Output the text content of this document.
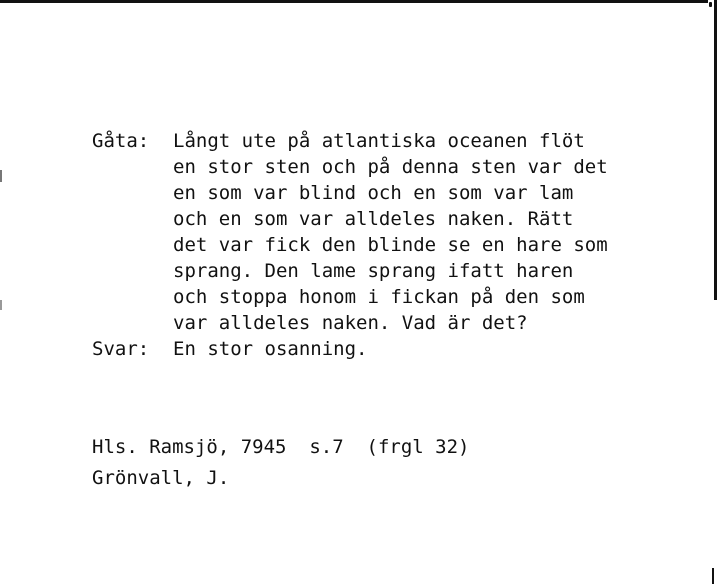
Gåta:	Långt ute på atlantiska oceanen flöt
en stor sten och på denna sten var det
en som var blind och en som var lam
och en som var alldeles naken. Rätt
det var fick den blinde se en hare som
sprang. Den lame sprang ifatt haren
och stoppa honom i fickan på den som
var alldeles naken. Vad är det?
Svar:	En stor osanning.
Hls. Ramsjö, 7945  s.7  (frgl 32)
Grönvall, J.
